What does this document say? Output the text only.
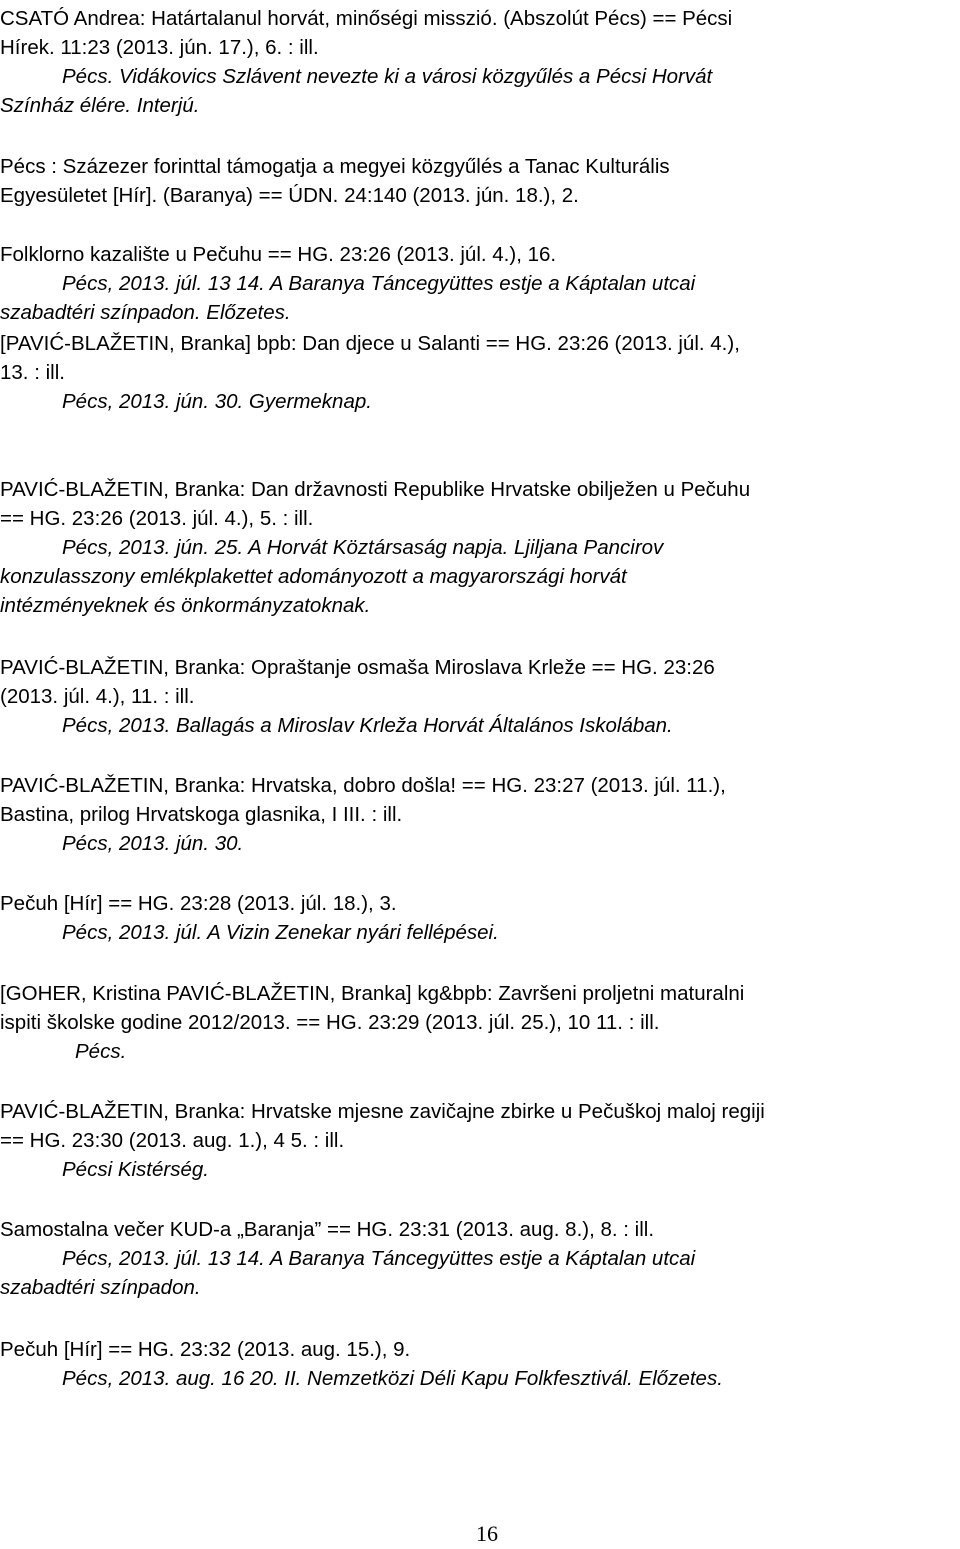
CSATÓ Andrea: Határtalanul horvát, minőségi misszió. (Abszolút Pécs) == Pécsi

Hírek. 11:23 (2013. jún. 17.), 6. : ill.

Pécs. Vidákovics Szlávent nevezte ki a városi közgyűlés a Pécsi Horvát

Színház élére. Interjú.

Pécs : Százezer forinttal támogatja a megyei közgyűlés a Tanac Kulturális

Egyesületet [Hír]. (Baranya) == ÚDN. 24:140 (2013. jún. 18.), 2.

Folklorno kazalište u Pečuhu == HG. 23:26 (2013. júl. 4.), 16.

Pécs, 2013. júl. 13 14. A Baranya Táncegyüttes estje a Káptalan utcai

szabadtéri színpadon. Előzetes.

[PAVIĆ-BLAŽETIN, Branka] bpb: Dan djece u Salanti == HG. 23:26 (2013. júl. 4.),

13. : ill.

Pécs, 2013. jún. 30. Gyermeknap.

PAVIĆ-BLAŽETIN, Branka: Dan državnosti Republike Hrvatske obilježen u Pečuhu

== HG. 23:26 (2013. júl. 4.), 5. : ill.

Pécs, 2013. jún. 25. A Horvát Köztársaság napja. Ljiljana Pancirov

konzulasszony emlékplakettet adományozott a magyarországi horvát

intézményeknek és önkormányzatoknak.

PAVIĆ-BLAŽETIN, Branka: Opraštanje osmaša Miroslava Krleže == HG. 23:26

(2013. júl. 4.), 11. : ill.

Pécs, 2013. Ballagás a Miroslav Krleža Horvát Általános Iskolában.

PAVIĆ-BLAŽETIN, Branka: Hrvatska, dobro došla! == HG. 23:27 (2013. júl. 11.),

Bastina, prilog Hrvatskoga glasnika, I III. : ill.

Pécs, 2013. jún. 30.

Pečuh [Hír] == HG. 23:28 (2013. júl. 18.), 3.

Pécs, 2013. júl. A Vizin Zenekar nyári fellépései.

[GOHER, Kristina PAVIĆ-BLAŽETIN, Branka] kg&bpb: Završeni proljetni maturalni

ispiti školske godine 2012/2013. == HG. 23:29 (2013. júl. 25.), 10 11. : ill.

Pécs.

PAVIĆ-BLAŽETIN, Branka: Hrvatske mjesne zavičajne zbirke u Pečuškoj maloj regiji

== HG. 23:30 (2013. aug. 1.), 4 5. : ill.

Pécsi Kistérség.

Samostalna večer KUD-a „Baranja” == HG. 23:31 (2013. aug. 8.), 8. : ill.

Pécs, 2013. júl. 13 14. A Baranya Táncegyüttes estje a Káptalan utcai

szabadtéri színpadon.

Pečuh [Hír] == HG. 23:32 (2013. aug. 15.), 9.

Pécs, 2013. aug. 16 20. II. Nemzetközi Déli Kapu Folkfesztivál. Előzetes.

16
